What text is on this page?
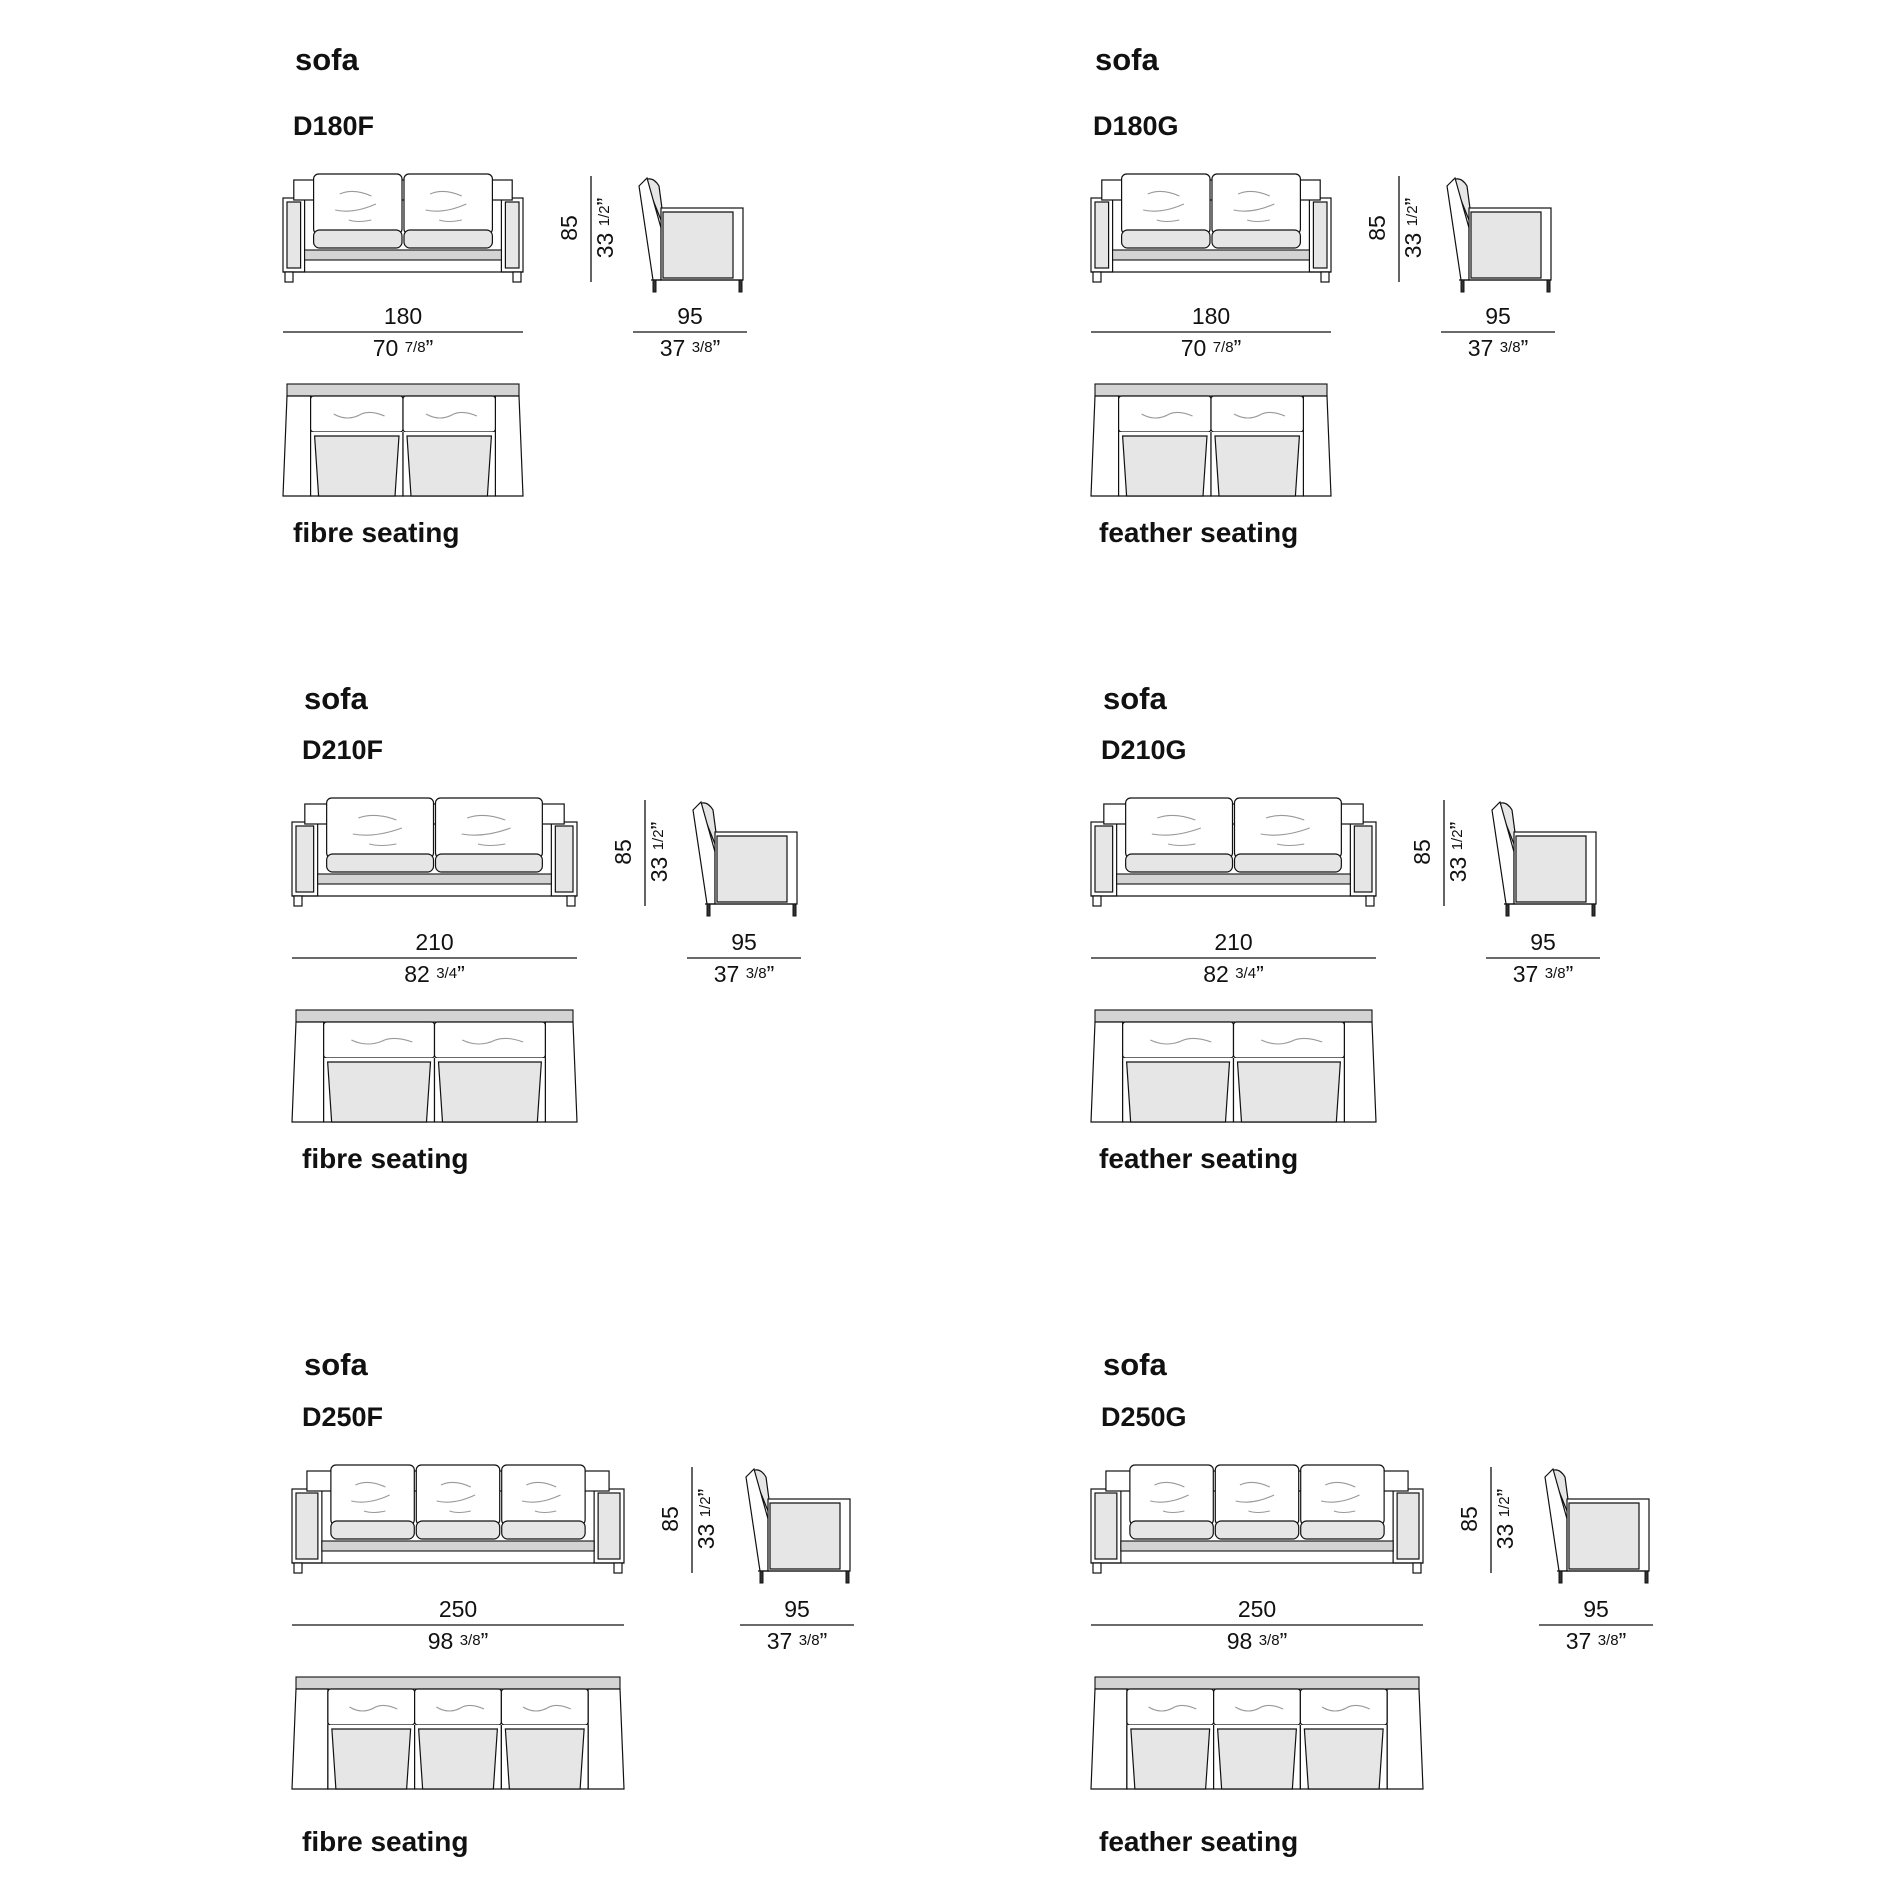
sofa
D180F
85 33 1/2”
180
70 7/8”
95
37 3/8”
fibre seating
sofa
D180G
85 33 1/2”
180
70 7/8”
95
37 3/8”
feather seating
sofa
D210F
85 33 1/2”
210
82 3/4”
95
37 3/8”
fibre seating
sofa
D210G
85 33 1/2”
210
82 3/4”
95
37 3/8”
feather seating
sofa
D250F
85 33 1/2”
250
98 3/8”
95
37 3/8”
fibre seating
sofa
D250G
85 33 1/2”
250
98 3/8”
95
37 3/8”
feather seating
